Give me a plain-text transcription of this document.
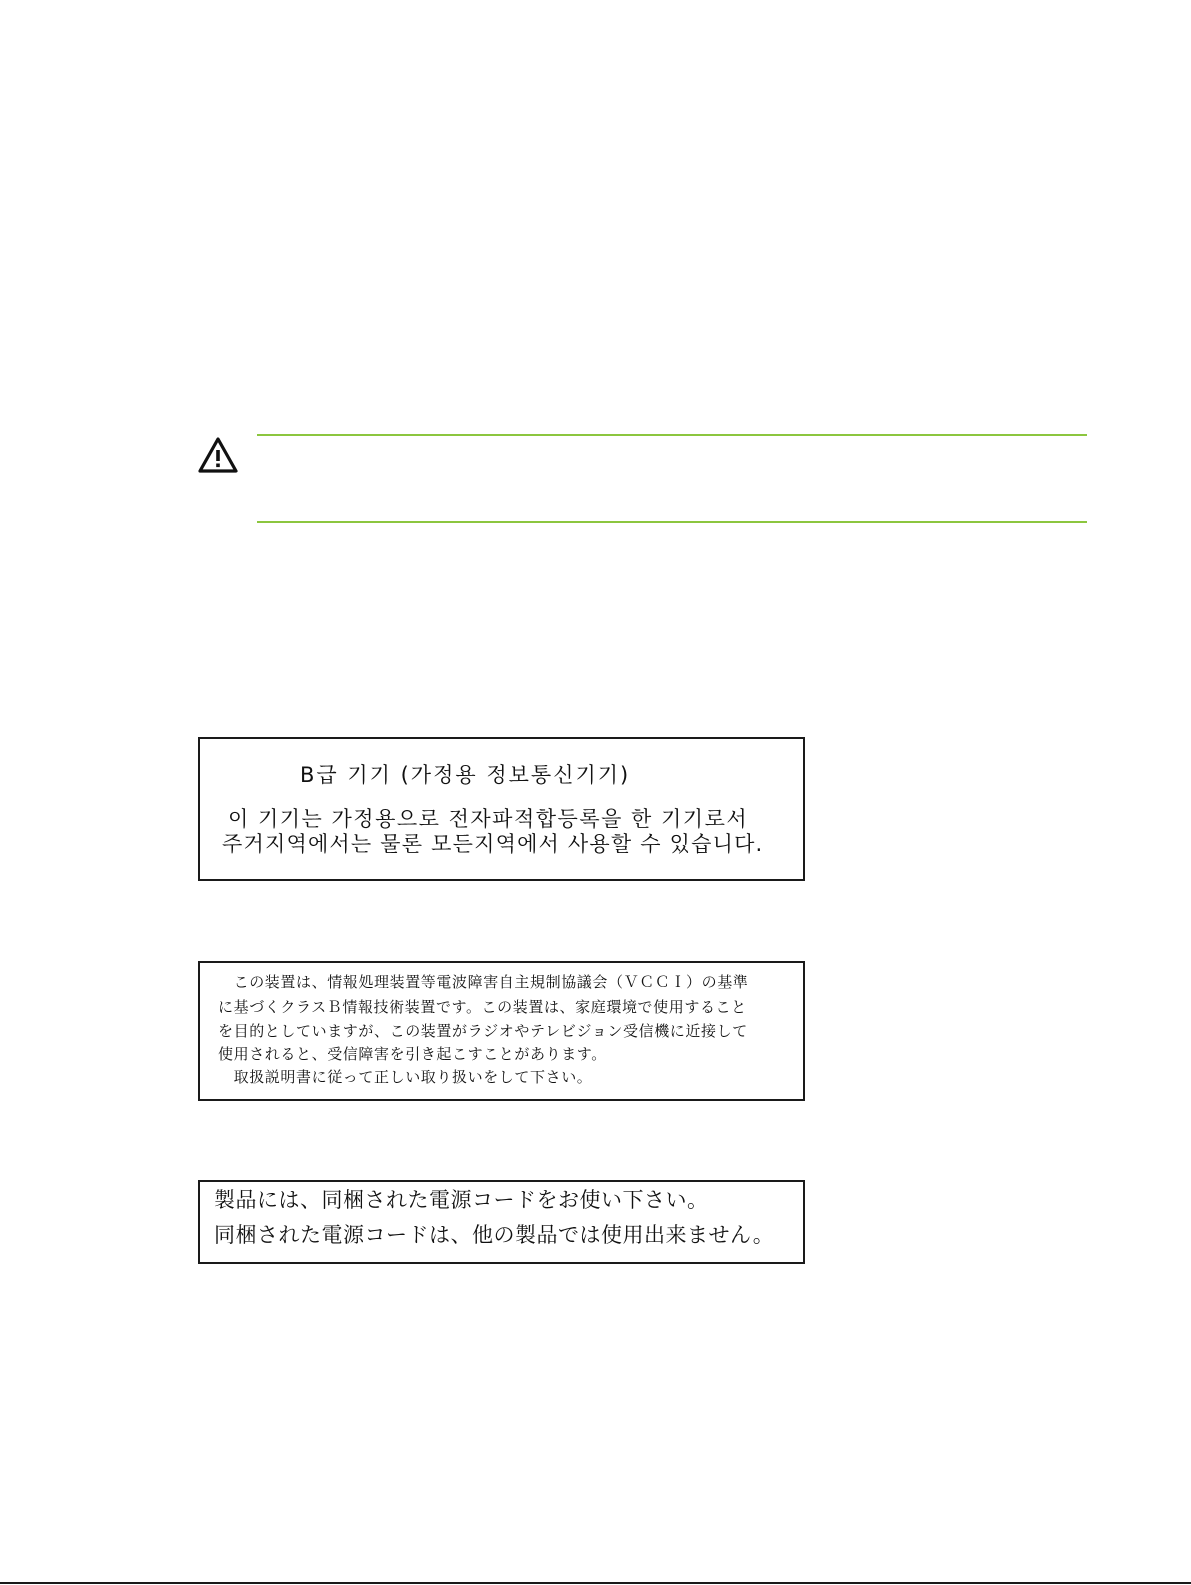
B급 기기 (가정용 정보통신기기)
이 기기는 가정용으로 전자파적합등록을 한 기기로서
주거지역에서는 물론 모든지역에서 사용할 수 있습니다.
　この装置は、情報処理装置等電波障害自主規制協議会（ＶＣＣＩ）の基準
に基づくクラスＢ情報技術装置です。この装置は、家庭環境で使用すること
を目的としていますが、この装置がラジオやテレビジョン受信機に近接して
使用されると、受信障害を引き起こすことがあります。
　取扱説明書に従って正しい取り扱いをして下さい。
製品には、同梱された電源コードをお使い下さい。
同梱された電源コードは、他の製品では使用出来ません。
